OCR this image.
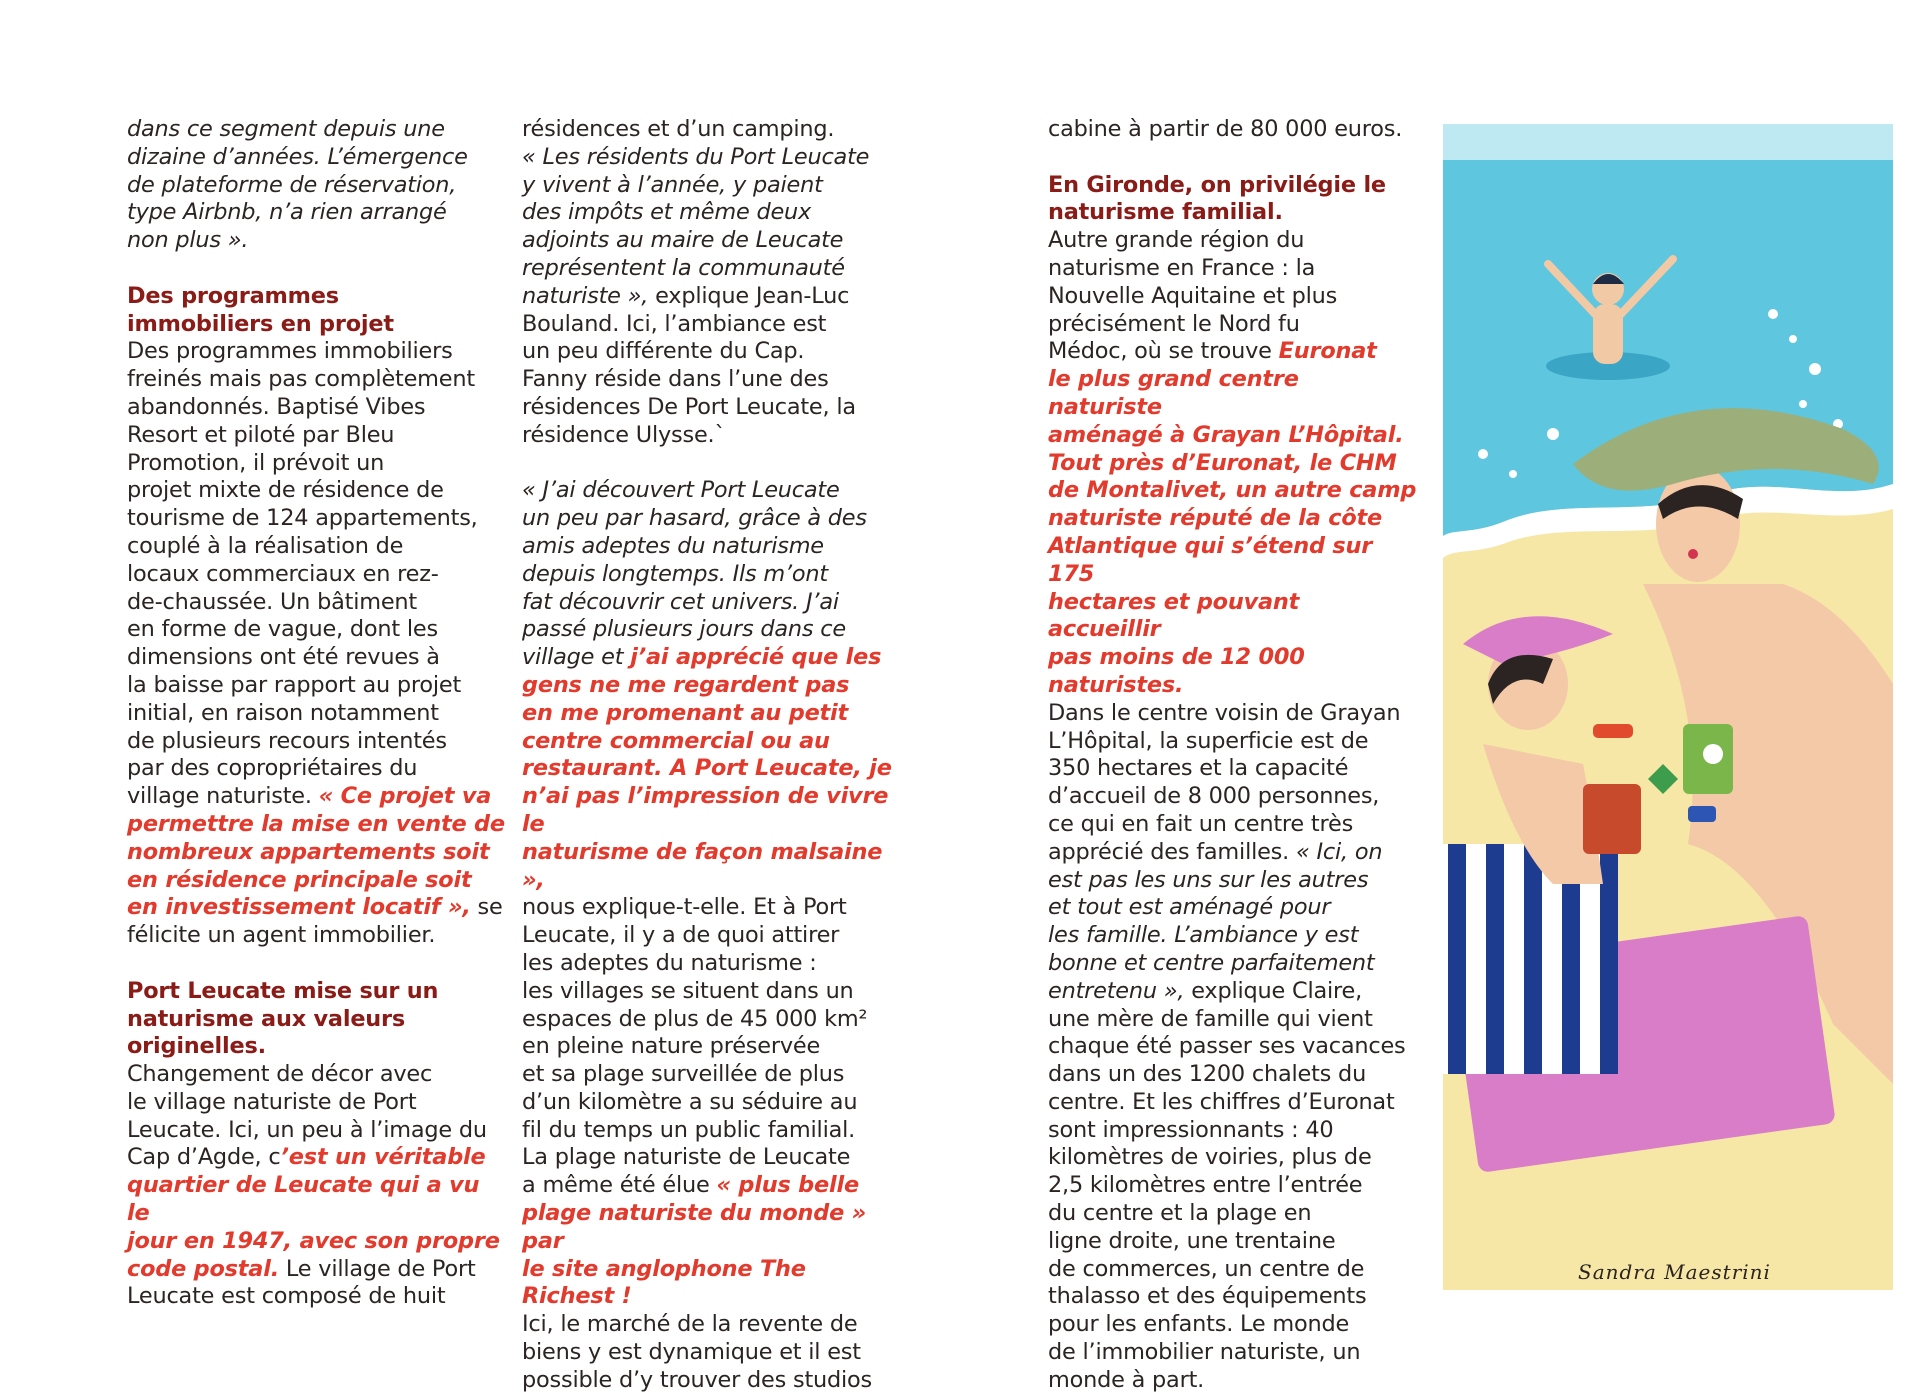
dans ce segment depuis une
dizaine d’années. L’émergence
de plateforme de réservation,
type Airbnb, n’a rien arrangé
non plus ».

Des programmes
immobiliers en projet

Des programmes immobiliers
freinés mais pas complètement
abandonnés. Baptisé Vibes
Resort et piloté par Bleu
Promotion, il prévoit un
projet mixte de résidence de
tourisme de 124 appartements,
couplé à la réalisation de
locaux commerciaux en rez-
de-chaussée. Un bâtiment
en forme de vague, dont les
dimensions ont été revues à
la baisse par rapport au projet
initial, en raison notamment
de plusieurs recours intentés
par des copropriétaires du
village naturiste. « Ce projet va
permettre la mise en vente de
nombreux appartements soit
en résidence principale soit
en investissement locatif », se
félicite un agent immobilier.

Port Leucate mise sur un
naturisme aux valeurs
originelles.

Changement de décor avec
le village naturiste de Port
Leucate. Ici, un peu à l’image du
Cap d’Agde, c’est un véritable
quartier de Leucate qui a vu le
jour en 1947, avec son propre
code postal. Le village de Port
Leucate est composé de huit

résidences et d’un camping.

« Les résidents du Port Leucate
y vivent à l’année, y paient
des impôts et même deux
adjoints au maire de Leucate
représentent la communauté
naturiste », explique Jean-Luc
Bouland. Ici, l’ambiance est
un peu différente du Cap.
Fanny réside dans l’une des
résidences De Port Leucate, la
résidence Ulysse.`

« J’ai découvert Port Leucate
un peu par hasard, grâce à des
amis adeptes du naturisme
depuis longtemps. Ils m’ont
fat découvrir cet univers. J’ai
passé plusieurs jours dans ce
village et j’ai apprécié que les
gens ne me regardent pas
en me promenant au petit
centre commercial ou au
restaurant. A Port Leucate, je
n’ai pas l’impression de vivre le
naturisme de façon malsaine »,
nous explique-t-elle. Et à Port
Leucate, il y a de quoi attirer
les adeptes du naturisme :
les villages se situent dans un
espaces de plus de 45 000 km²
en pleine nature préservée
et sa plage surveillée de plus
d’un kilomètre a su séduire au
fil du temps un public familial.
La plage naturiste de Leucate
a même été élue « plus belle
plage naturiste du monde » par
le site anglophone The Richest !
Ici, le marché de la revente de
biens y est dynamique et il est
possible d’y trouver des studios

cabine à partir de 80 000 euros.

En Gironde, on privilégie le
naturisme familial.

Autre grande région du
naturisme en France : la
Nouvelle Aquitaine et plus
précisément le Nord fu
Médoc, où se trouve Euronat
le plus grand centre naturiste
aménagé à Grayan L’Hôpital.
Tout près d’Euronat, le CHM
de Montalivet, un autre camp
naturiste réputé de la côte
Atlantique qui s’étend sur 175
hectares et pouvant accueillir
pas moins de 12 000 naturistes.
Dans le centre voisin de Grayan
L’Hôpital, la superficie est de
350 hectares et la capacité
d’accueil de 8 000 personnes,
ce qui en fait un centre très
apprécié des familles. « Ici, on
est pas les uns sur les autres
et tout est aménagé pour
les famille. L’ambiance y est
bonne et centre parfaitement
entretenu », explique Claire,
une mère de famille qui vient
chaque été passer ses vacances
dans un des 1200 chalets du
centre. Et les chiffres d’Euronat
sont impressionnants : 40
kilomètres de voiries, plus de
2,5 kilomètres entre l’entrée
du centre et la plage en
ligne droite, une trentaine
de commerces, un centre de
thalasso et des équipements
pour les enfants. Le monde
de l’immobilier naturiste, un
monde à part.

Sandra Maestrini
